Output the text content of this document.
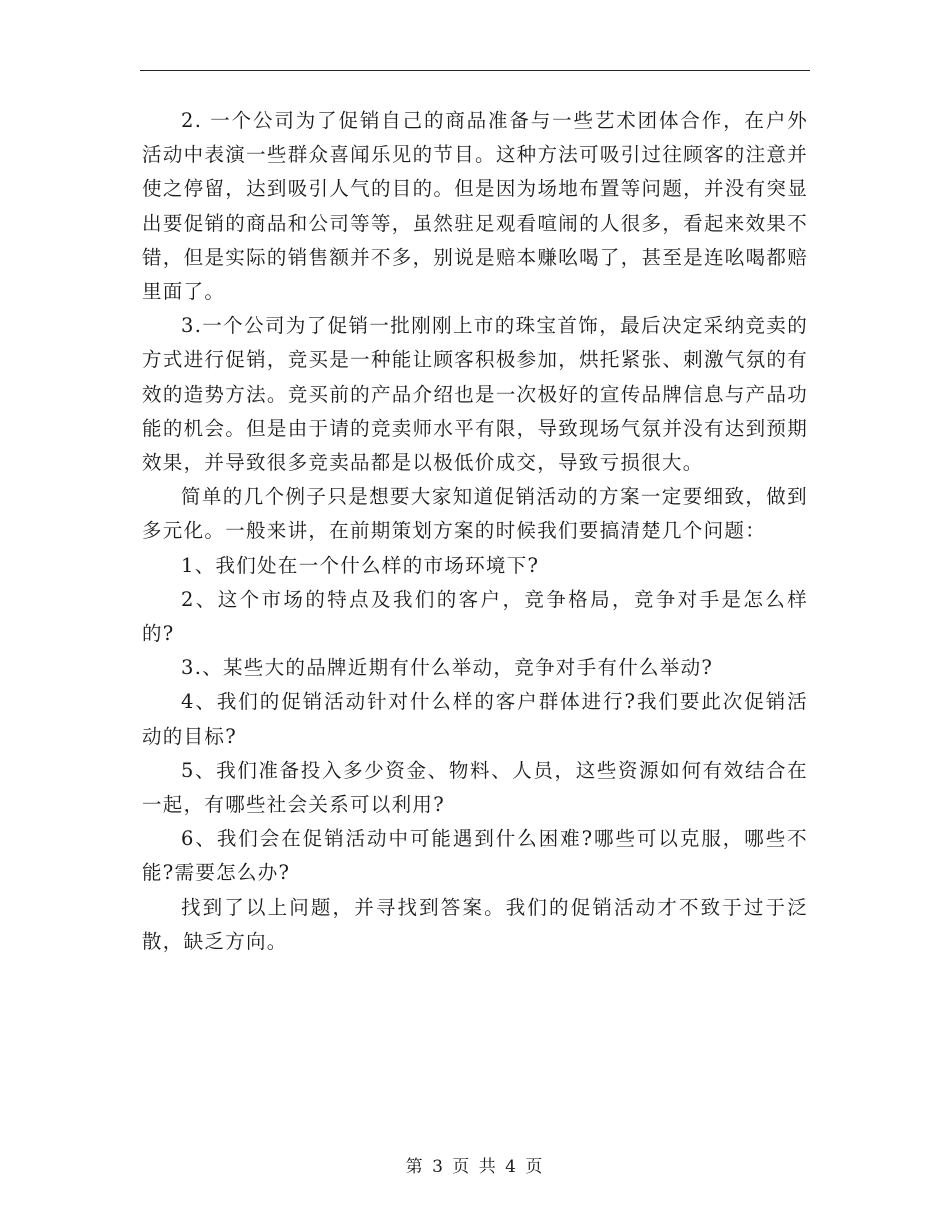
2. 一个公司为了促销自己的商品准备与一些艺术团体合作，在户外活动中表演一些群众喜闻乐见的节目。这种方法可吸引过往顾客的注意并使之停留，达到吸引人气的目的。但是因为场地布置等问题，并没有突显出要促销的商品和公司等等，虽然驻足观看喧闹的人很多，看起来效果不错，但是实际的销售额并不多，别说是赔本赚吆喝了，甚至是连吆喝都赔里面了。

3.一个公司为了促销一批刚刚上市的珠宝首饰，最后决定采纳竞卖的方式进行促销，竞买是一种能让顾客积极参加，烘托紧张、刺激气氛的有效的造势方法。竞买前的产品介绍也是一次极好的宣传品牌信息与产品功能的机会。但是由于请的竞卖师水平有限，导致现场气氛并没有达到预期效果，并导致很多竞卖品都是以极低价成交，导致亏损很大。

简单的几个例子只是想要大家知道促销活动的方案一定要细致，做到多元化。一般来讲，在前期策划方案的时候我们要搞清楚几个问题：

1、我们处在一个什么样的市场环境下?

2、这个市场的特点及我们的客户，竞争格局，竞争对手是怎么样的?

3.、某些大的品牌近期有什么举动，竞争对手有什么举动?

4、我们的促销活动针对什么样的客户群体进行?我们要此次促销活动的目标?

5、我们准备投入多少资金、物料、人员，这些资源如何有效结合在一起，有哪些社会关系可以利用?

6、我们会在促销活动中可能遇到什么困难?哪些可以克服，哪些不能?需要怎么办?

找到了以上问题，并寻找到答案。我们的促销活动才不致于过于泛散，缺乏方向。

第 3 页 共 4 页
